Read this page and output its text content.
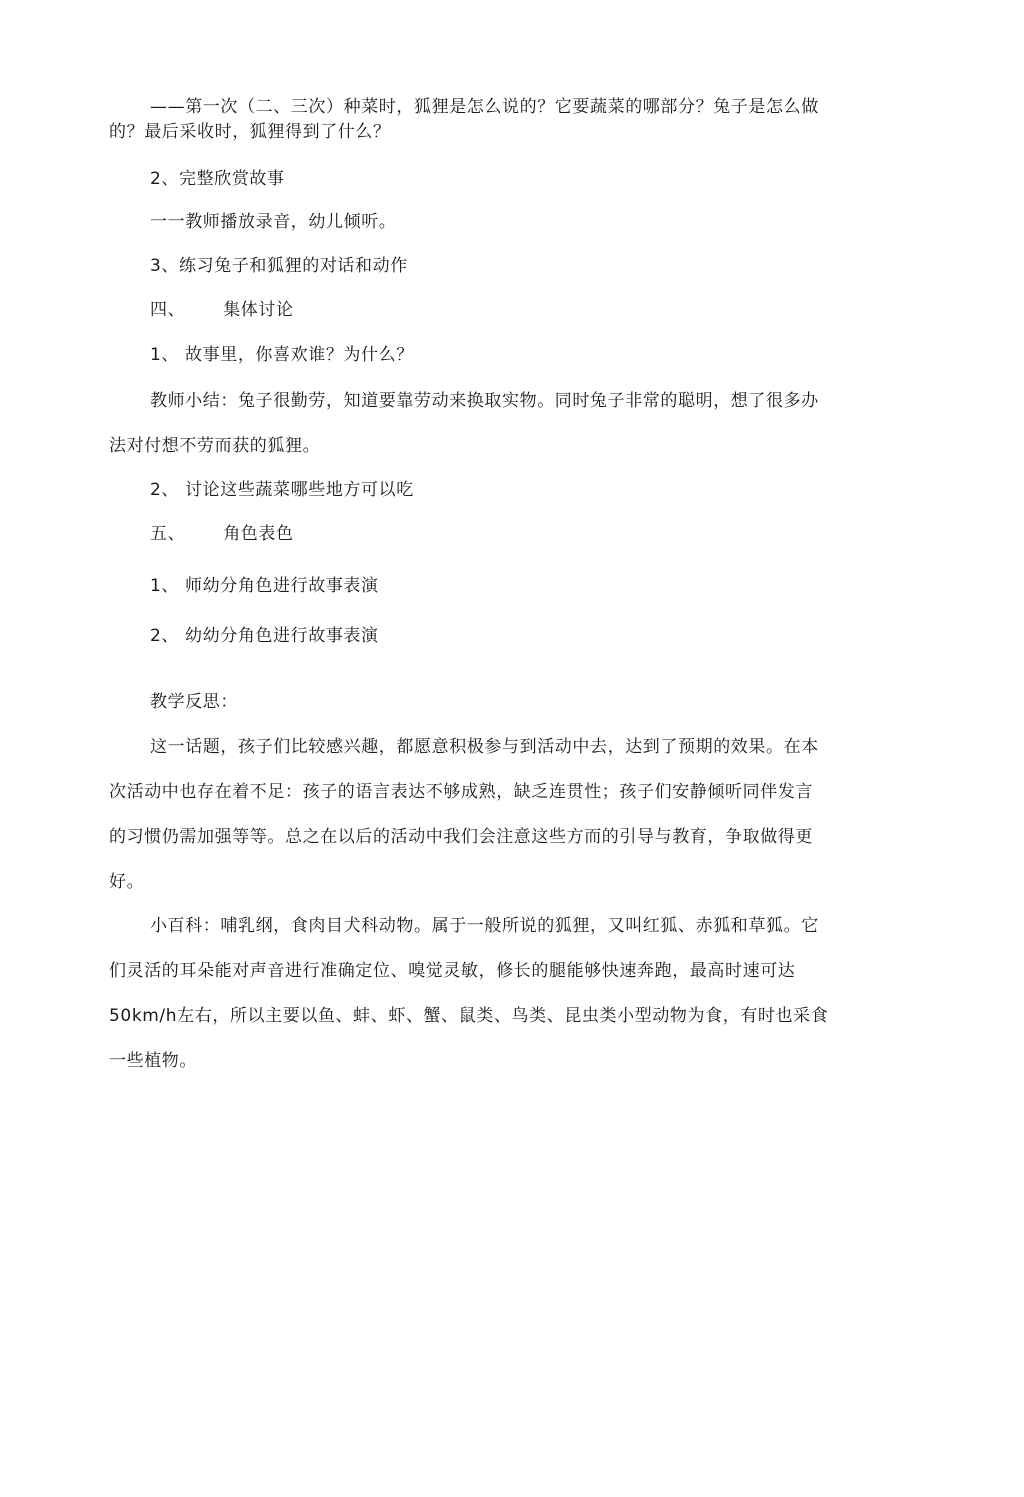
——第一次（二、三次）种菜时，狐狸是怎么说的？它要蔬菜的哪部分？兔子是怎么做
的？最后采收时，狐狸得到了什么？
2、完整欣赏故事
一一教师播放录音，幼儿倾听。
3、练习兔子和狐狸的对话和动作
四、 集体讨论
1、 故事里，你喜欢谁？为什么？
教师小结：兔子很勤劳，知道要靠劳动来换取实物。同时兔子非常的聪明，想了很多办
法对付想不劳而获的狐狸。
2、 讨论这些蔬菜哪些地方可以吃
五、 角色表色
1、 师幼分角色进行故事表演
2、 幼幼分角色进行故事表演
教学反思：
这一话题，孩子们比较感兴趣，都愿意积极参与到活动中去，达到了预期的效果。在本
次活动中也存在着不足：孩子的语言表达不够成熟，缺乏连贯性；孩子们安静倾听同伴发言
的习惯仍需加强等等。总之在以后的活动中我们会注意这些方而的引导与教育，争取做得更
好。
小百科：哺乳纲，食肉目犬科动物。属于一般所说的狐狸，又叫红狐、赤狐和草狐。它
们灵活的耳朵能对声音进行准确定位、嗅觉灵敏，修长的腿能够快速奔跑，最高时速可达
50km/h左右，所以主要以鱼、蚌、虾、蟹、鼠类、鸟类、昆虫类小型动物为食，有时也采食
一些植物。
